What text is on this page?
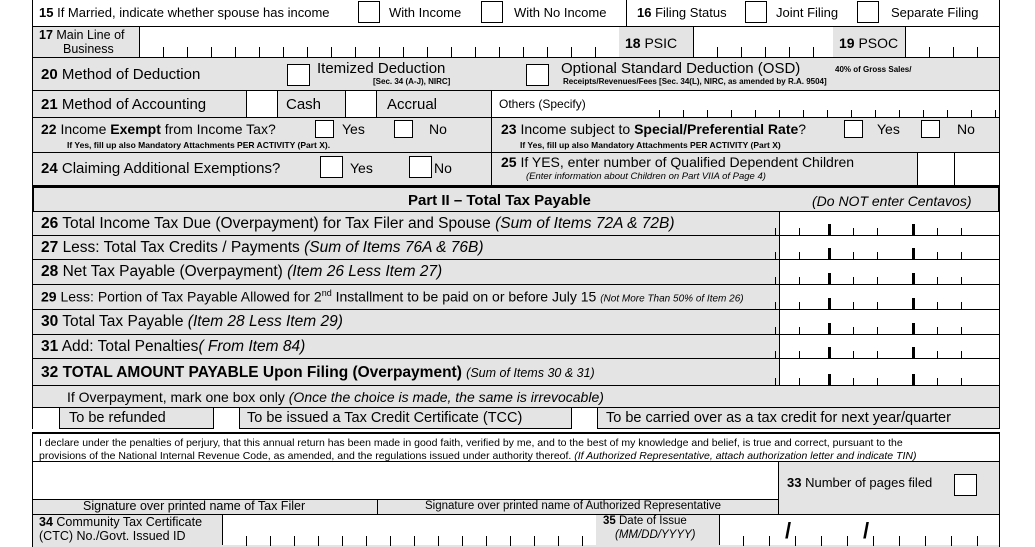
15 If Married, indicate whether spouse has income	With Income	With No Income 16 Filing Status	Joint Filing	Separate Filing
17 Main Line of
Business	18 PSIC	19 PSOC
20 Method of Deduction	Itemized Deduction
[Sec. 34 (A-J), NIRC]
Optional Standard Deduction (OSD)	40% of Gross Sales/
Receipts/Revenues/Fees [Sec. 34(L), NIRC, as amended by R.A. 9504]
21 Method of Accounting	Cash	Accrual	Others (Specify)
22 Income Exempt from Income Tax?	Yes	No
If Yes, fill up also Mandatory Attachments PER ACTIVITY (Part X).
23 Income subject to Special/Preferential Rate?	Yes	No
If Yes, fill up also Mandatory Attachments PER ACTIVITY (Part X)
24 Claiming Additional Exemptions?	Yes	No	25 If YES, enter number of Qualified Dependent Children
(Enter information about Children on Part VIIA of Page 4)
Part II – Total Tax Payable	(Do NOT enter Centavos)
26 Total Income Tax Due (Overpayment) for Tax Filer and Spouse (Sum of Items 72A & 72B)
27 Less: Total Tax Credits / Payments (Sum of Items 76A & 76B)
28 Net Tax Payable (Overpayment) (Item 26 Less Item 27)
29 Less: Portion of Tax Payable Allowed for 2nd Installment to be paid on or before July 15 (Not More Than 50% of Item 26)
30 Total Tax Payable (Item 28 Less Item 29)
31 Add: Total Penalties( From Item 84)
32 TOTAL AMOUNT PAYABLE Upon Filing (Overpayment) (Sum of Items 30 & 31)
If Overpayment, mark one box only (Once the choice is made, the same is irrevocable)
To be refunded	To be issued a Tax Credit Certificate (TCC)	To be carried over as a tax credit for next year/quarter
I declare under the penalties of perjury, that this annual return has been made in good faith, verified by me, and to the best of my knowledge and belief, is true and correct, pursuant to the
provisions of the National Internal Revenue Code, as amended, and the regulations issued under authority thereof. (If Authorized Representative, attach authorization letter and indicate TIN)
Signature over printed name of Tax Filer	Signature over printed name of Authorized Representative
33 Number of pages filed
34 Community Tax Certificate
(CTC) No./Govt. Issued ID
35 Date of Issue
(MM/DD/YYYY)	/	/
